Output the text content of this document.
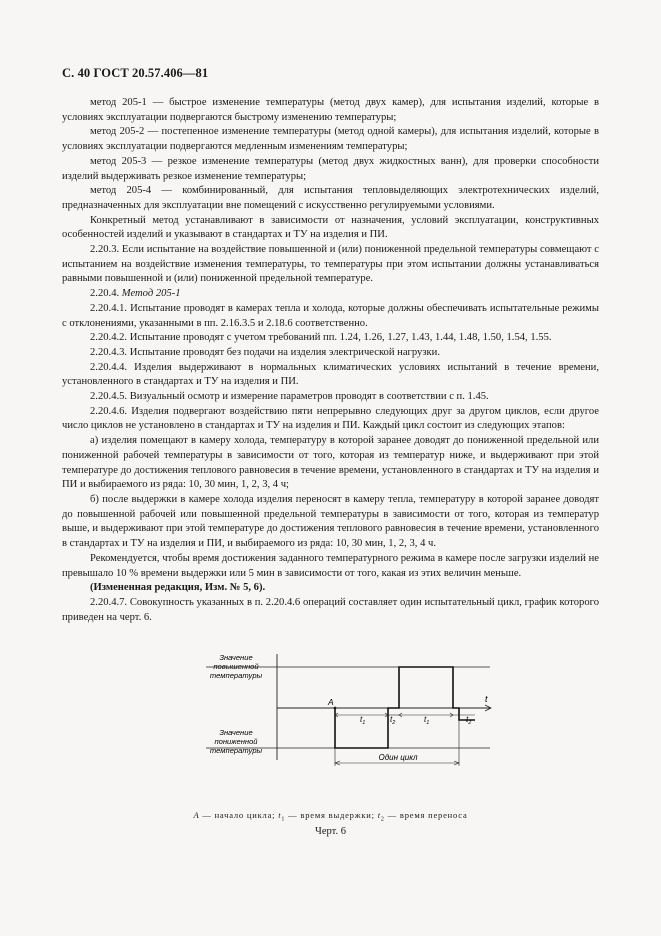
С. 40 ГОСТ 20.57.406—81

метод 205-1 — быстрое изменение температуры (метод двух камер), для испытания изделий, которые в условиях эксплуатации подвергаются быстрому изменению температуры;

метод 205-2 — постепенное изменение температуры (метод одной камеры), для испытания изделий, которые в условиях эксплуатации подвергаются медленным изменениям температуры;

метод 205-3 — резкое изменение температуры (метод двух жидкостных ванн), для проверки способности изделий выдерживать резкое изменение температуры;

метод 205-4 — комбинированный, для испытания тепловыделяющих электротехнических изделий, предназначенных для эксплуатации вне помещений с искусственно регулируемыми условиями.

Конкретный метод устанавливают в зависимости от назначения, условий эксплуатации, конструктивных особенностей изделий и указывают в стандартах и ТУ на изделия и ПИ.

2.20.3. Если испытание на воздействие повышенной и (или) пониженной предельной температуры совмещают с испытанием на воздействие изменения температуры, то температуры при этом испытании должны устанавливаться равными повышенной и (или) пониженной предельной температуре.

2.20.4. Метод 205-1

2.20.4.1. Испытание проводят в камерах тепла и холода, которые должны обеспечивать испытательные режимы с отклонениями, указанными в пп. 2.16.3.5 и 2.18.6 соответственно.

2.20.4.2. Испытание проводят с учетом требований пп. 1.24, 1.26, 1.27, 1.43, 1.44, 1.48, 1.50, 1.54, 1.55.

2.20.4.3. Испытание проводят без подачи на изделия электрической нагрузки.

2.20.4.4. Изделия выдерживают в нормальных климатических условиях испытаний в течение времени, установленного в стандартах и ТУ на изделия и ПИ.

2.20.4.5. Визуальный осмотр и измерение параметров проводят в соответствии с п. 1.45.

2.20.4.6. Изделия подвергают воздействию пяти непрерывно следующих друг за другом циклов, если другое число циклов не установлено в стандартах и ТУ на изделия и ПИ. Каждый цикл состоит из следующих этапов:

а) изделия помещают в камеру холода, температуру в которой заранее доводят до пониженной предельной или пониженной рабочей температуры в зависимости от того, которая из температур ниже, и выдерживают при этой температуре до достижения теплового равновесия в течение времени, установленного в стандартах и ТУ на изделия и ПИ и выбираемого из ряда: 10, 30 мин, 1, 2, 3, 4 ч;

б) после выдержки в камере холода изделия переносят в камеру тепла, температуру в которой заранее доводят до повышенной рабочей или повышенной предельной температуры в зависимости от того, которая из температур выше, и выдерживают при этой температуре до достижения теплового равновесия в течение времени, установленного в стандартах и ТУ на изделия и ПИ, и выбираемого из ряда: 10, 30 мин, 1, 2, 3, 4 ч.

Рекомендуется, чтобы время достижения заданного температурного режима в камере после загрузки изделий не превышало 10 % времени выдержки или 5 мин в зависимости от того, какая из этих величин меньше.

(Измененная редакция, Изм. № 5, 6).

2.20.4.7. Совокупность указанных в п. 2.20.4.6 операций составляет один испытательный цикл, график которого приведен на черт. 6.

Значение
повышенной
температуры
Значение
пониженной
температуры
t
A
$t_1$	$t_2$	$t_1$	$t_2$
Один цикл
А — начало цикла; $t_1$ — время выдержки; $t_2$ — время переноса
Черт. 6
